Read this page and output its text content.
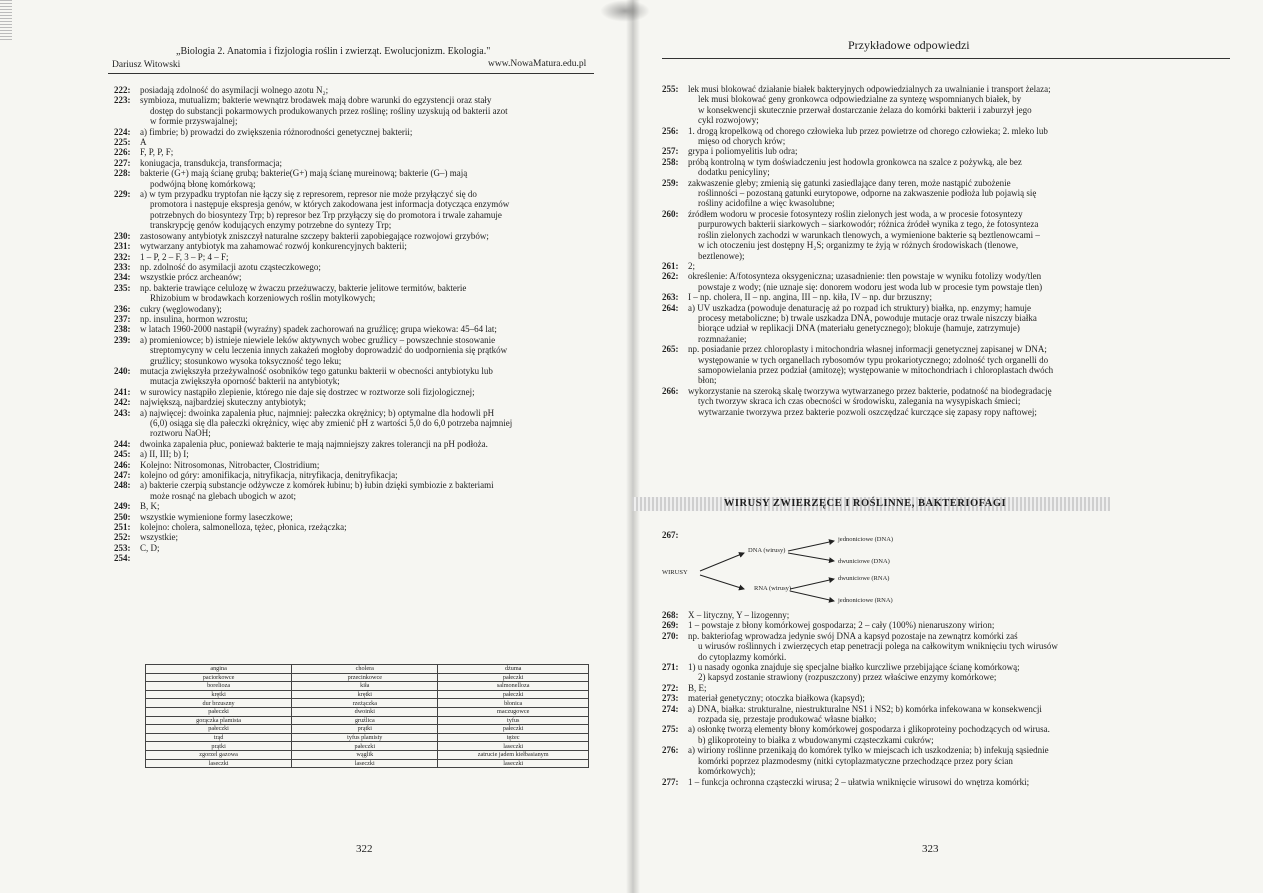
„Biologia 2. Anatomia i fizjologia roślin i zwierząt. Ewolucjonizm. Ekologia."
Dariusz Witowski	www.NowaMatura.edu.pl
222:	posiadają zdolność do asymilacji wolnego azotu N₂;
223:	symbioza, mutualizm; bakterie wewnątrz brodawek mają dobre warunki do egzystencji oraz stały
dostęp do substancji pokarmowych produkowanych przez roślinę; rośliny uzyskują od bakterii azot
w formie przyswajalnej;
224:	a) fimbrie; b) prowadzi do zwiększenia różnorodności genetycznej bakterii;
225:	A
226:	F, P, P, F;
227:	koniugacja, transdukcja, transformacja;
228:	bakterie (G+) mają ścianę grubą; bakterie(G+) mają ścianę mureinową; bakterie (G–) mają
podwójną błonę komórkową;
229:	a) w tym przypadku tryptofan nie łączy się z represorem, represor nie może przyłączyć się do
promotora i następuje ekspresja genów, w których zakodowana jest informacja dotycząca enzymów
potrzebnych do biosyntezy Trp; b) represor bez Trp przyłączy się do promotora i trwale zahamuje
transkrypcję genów kodujących enzymy potrzebne do syntezy Trp;
230:	zastosowany antybiotyk zniszczył naturalne szczepy bakterii zapobiegające rozwojowi grzybów;
231:	wytwarzany antybiotyk ma zahamować rozwój konkurencyjnych bakterii;
232:	1 – P, 2 – F, 3 – P; 4 – F;
233:	np. zdolność do asymilacji azotu cząsteczkowego;
234:	wszystkie prócz archeanów;
235:	np. bakterie trawiące celulozę w żwaczu przeżuwaczy, bakterie jelitowe termitów, bakterie
Rhizobium w brodawkach korzeniowych roślin motylkowych;
236:	cukry (węglowodany);
237:	np. insulina, hormon wzrostu;
238:	w latach 1960-2000 nastąpił (wyraźny) spadek zachorowań na gruźlicę; grupa wiekowa: 45–64 lat;
239:	a) promieniowce; b) istnieje niewiele leków aktywnych wobec gruźlicy – powszechnie stosowanie
streptomycyny w celu leczenia innych zakażeń mogłoby doprowadzić do uodpornienia się prątków
gruźlicy; stosunkowo wysoka toksyczność tego leku;
240:	mutacja zwiększyła przeżywalność osobników tego gatunku bakterii w obecności antybiotyku lub
mutacja zwiększyła oporność bakterii na antybiotyk;
241:	w surowicy nastąpiło zlepienie, którego nie daje się dostrzec w roztworze soli fizjologicznej;
242:	największą, najbardziej skuteczny antybiotyk;
243:	a) najwięcej: dwoinka zapalenia płuc, najmniej: pałeczka okrężnicy; b) optymalne dla hodowli pH
(6,0) osiąga się dla pałeczki okrężnicy, więc aby zmienić pH z wartości 5,0 do 6,0 potrzeba najmniej
roztworu NaOH;
244:	dwoinka zapalenia płuc, ponieważ bakterie te mają najmniejszy zakres tolerancji na pH podłoża.
245:	a) II, III; b) I;
246:	Kolejno: Nitrosomonas, Nitrobacter, Clostridium;
247:	kolejno od góry: amonifikacja, nitryfikacja, nitryfikacja, denitryfikacja;
248:	a) bakterie czerpią substancje odżywcze z komórek łubinu; b) łubin dzięki symbiozie z bakteriami
może rosnąć na glebach ubogich w azot;
249:	B, K;
250:	wszystkie wymienione formy laseczkowe;
251:	kolejno: cholera, salmonelloza, tężec, płonica, rzeżączka;
252:	wszystkie;
253:	C, D;
254:
angina	cholera	dżuma
paciorkowce	przecinkowce	pałeczki
borelioza	kiła	salmonelloza
krętki	krętki	pałeczki
dur brzuszny	rzeżączka	błonica
pałeczki	dwoinki	maczugowce
gorączka plamista	gruźlica	tyfus
pałeczki	prątki	pałeczki
trąd	tyfus plamisty	tężec
prątki	pałeczki	laseczki
zgorzel gazowa	wąglik	zatrucie jadem kiełbasianym
laseczki	laseczki	laseczki
322
Przykładowe odpowiedzi
255:	lek musi blokować działanie białek bakteryjnych odpowiedzialnych za uwalnianie i transport żelaza;
lek musi blokować geny gronkowca odpowiedzialne za syntezę wspomnianych białek, by
w konsekwencji skutecznie przerwał dostarczanie żelaza do komórki bakterii i zaburzył jego
cykl rozwojowy;
256:	1. drogą kropelkową od chorego człowieka lub przez powietrze od chorego człowieka; 2. mleko lub
mięso od chorych krów;
257:	grypa i poliomyelitis lub odra;
258:	próbą kontrolną w tym doświadczeniu jest hodowla gronkowca na szalce z pożywką, ale bez
dodatku penicyliny;
259:	zakwaszenie gleby; zmienią się gatunki zasiedlające dany teren, może nastąpić zubożenie
roślinności – pozostaną gatunki eurytopowe, odporne na zakwaszenie podłoża lub pojawią się
rośliny acidofilne a więc kwasolubne;
260:	źródłem wodoru w procesie fotosyntezy roślin zielonych jest woda, a w procesie fotosyntezy
purpurowych bakterii siarkowych – siarkowodór; różnica źródeł wynika z tego, że fotosynteza
roślin zielonych zachodzi w warunkach tlenowych, a wymienione bakterie są beztlenowcami –
w ich otoczeniu jest dostępny H₂S; organizmy te żyją w różnych środowiskach (tlenowe,
beztlenowe);
261:	2;
262:	określenie: A/fotosynteza oksygeniczna; uzasadnienie: tlen powstaje w wyniku fotolizy wody/tlen
powstaje z wody; (nie uznaje się: donorem wodoru jest woda lub w procesie tym powstaje tlen)
263:	I – np. cholera, II – np. angina, III – np. kiła, IV – np. dur brzuszny;
264:	a) UV uszkadza (powoduje denaturację aż po rozpad ich struktury) białka, np. enzymy; hamuje
procesy metaboliczne; b) trwale uszkadza DNA, powoduje mutacje oraz trwale niszczy białka
biorące udział w replikacji DNA (materiału genetycznego); blokuje (hamuje, zatrzymuje)
rozmnażanie;
265:	np. posiadanie przez chloroplasty i mitochondria własnej informacji genetycznej zapisanej w DNA;
występowanie w tych organellach rybosomów typu prokariotycznego; zdolność tych organelli do
samopowielania przez podział (amitozę); występowanie w mitochondriach i chloroplastach dwóch
błon;
266:	wykorzystanie na szeroką skalę tworzywa wytwarzanego przez bakterie, podatność na biodegradację
tych tworzyw skraca ich czas obecności w środowisku, zalegania na wysypiskach śmieci;
wytwarzanie tworzywa przez bakterie pozwoli oszczędzać kurczące się zapasy ropy naftowej;
WIRUSY ZWIERZĘCE I ROŚLINNE, BAKTERIOFAGI
267:
WIRUSY
DNA (wirusy)
RNA (wirusy)
jednoniciowe (DNA)
dwuniciowe (DNA)
dwuniciowe (RNA)
jednoniciowe (RNA)
268:	X – lityczny, Y – lizogenny;
269:	1 – powstaje z błony komórkowej gospodarza; 2 – cały (100%) nienaruszony wirion;
270:	np. bakteriofag wprowadza jedynie swój DNA a kapsyd pozostaje na zewnątrz komórki zaś
u wirusów roślinnych i zwierzęcych etap penetracji polega na całkowitym wniknięciu tych wirusów
do cytoplazmy komórki.
271:	1) u nasady ogonka znajduje się specjalne białko kurczliwe przebijające ścianę komórkową;
2) kapsyd zostanie strawiony (rozpuszczony) przez właściwe enzymy komórkowe;
272:	B, E;
273:	materiał genetyczny; otoczka białkowa (kapsyd);
274:	a) DNA, białka: strukturalne, niestrukturalne NS1 i NS2; b) komórka infekowana w konsekwencji
rozpada się, przestaje produkować własne białko;
275:	a) osłonkę tworzą elementy błony komórkowej gospodarza i glikoproteiny pochodzących od wirusa.
b) glikoproteiny to białka z wbudowanymi cząsteczkami cukrów;
276:	a) wiriony roślinne przenikają do komórek tylko w miejscach ich uszkodzenia; b) infekują sąsiednie
komórki poprzez plazmodesmy (nitki cytoplazmatyczne przechodzące przez pory ścian
komórkowych);
277:	1 – funkcja ochronna cząsteczki wirusa; 2 – ułatwia wniknięcie wirusowi do wnętrza komórki;
323
